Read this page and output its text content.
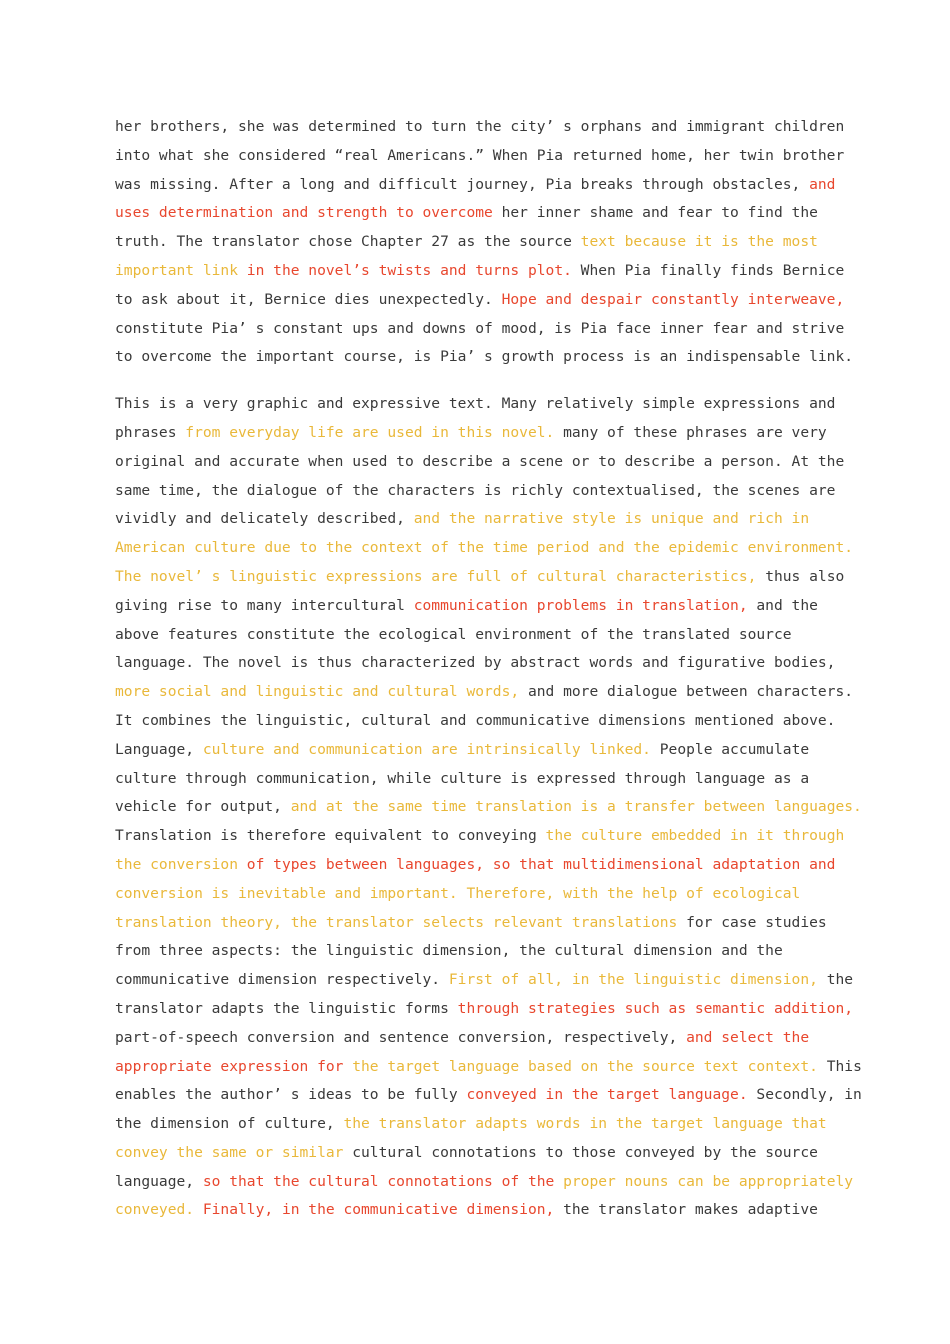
her brothers, she was determined to turn the city’ s orphans and immigrant children
into what she considered “real Americans.” When Pia returned home, her twin brother
was missing. After a long and difficult journey, Pia breaks through obstacles, and
uses determination and strength to overcome her inner shame and fear to find the
truth. The translator chose Chapter 27 as the source text because it is the most
important link in the novel’s twists and turns plot. When Pia finally finds Bernice
to ask about it, Bernice dies unexpectedly. Hope and despair constantly interweave,
constitute Pia’ s constant ups and downs of mood, is Pia face inner fear and strive
to overcome the important course, is Pia’ s growth process is an indispensable link.
This is a very graphic and expressive text. Many relatively simple expressions and
phrases from everyday life are used in this novel. many of these phrases are very
original and accurate when used to describe a scene or to describe a person. At the
same time, the dialogue of the characters is richly contextualised, the scenes are
vividly and delicately described, and the narrative style is unique and rich in
American culture due to the context of the time period and the epidemic environment.
The novel’ s linguistic expressions are full of cultural characteristics, thus also
giving rise to many intercultural communication problems in translation, and the
above features constitute the ecological environment of the translated source
language. The novel is thus characterized by abstract words and figurative bodies,
more social and linguistic and cultural words, and more dialogue between characters.
It combines the linguistic, cultural and communicative dimensions mentioned above.
Language, culture and communication are intrinsically linked. People accumulate
culture through communication, while culture is expressed through language as a
vehicle for output, and at the same time translation is a transfer between languages.
Translation is therefore equivalent to conveying the culture embedded in it through
the conversion of types between languages, so that multidimensional adaptation and
conversion is inevitable and important. Therefore, with the help of ecological
translation theory, the translator selects relevant translations for case studies
from three aspects: the linguistic dimension, the cultural dimension and the
communicative dimension respectively. First of all, in the linguistic dimension, the
translator adapts the linguistic forms through strategies such as semantic addition,
part-of-speech conversion and sentence conversion, respectively, and select the
appropriate expression for the target language based on the source text context. This
enables the author’ s ideas to be fully conveyed in the target language. Secondly, in
the dimension of culture, the translator adapts words in the target language that
convey the same or similar cultural connotations to those conveyed by the source
language, so that the cultural connotations of the proper nouns can be appropriately
conveyed. Finally, in the communicative dimension, the translator makes adaptive
